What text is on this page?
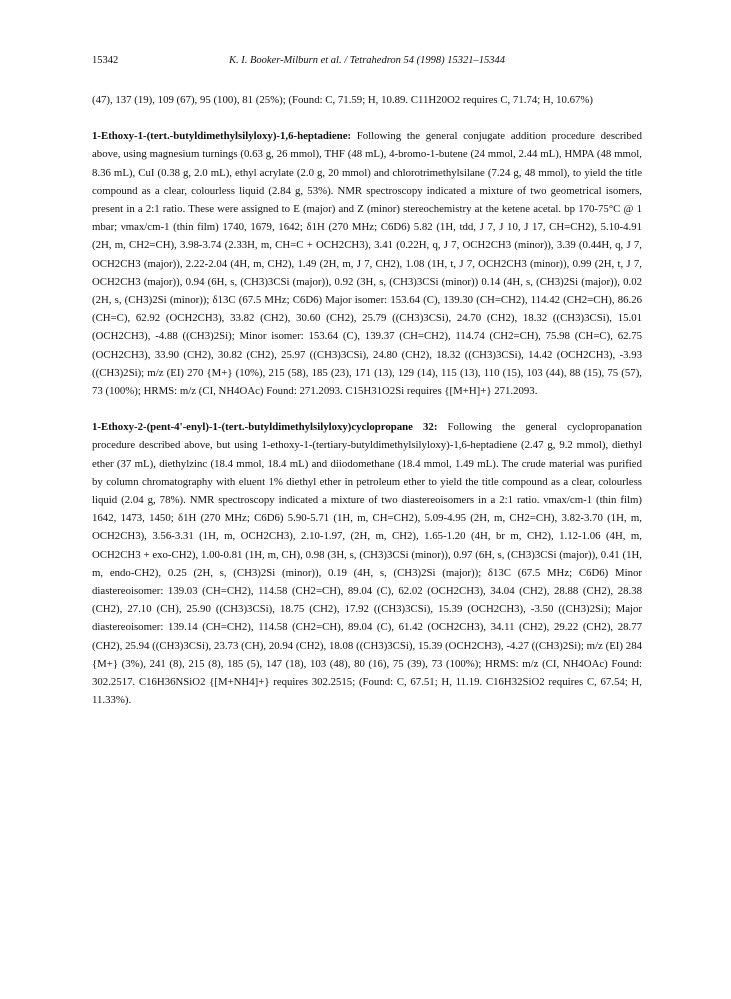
15342	K. I. Booker-Milburn et al. / Tetrahedron 54 (1998) 15321–15344

(47), 137 (19), 109 (67), 95 (100), 81 (25%); (Found: C, 71.59; H, 10.89. C11H20O2 requires C, 71.74; H, 10.67%)

1-Ethoxy-1-(tert.-butyldimethylsilyloxy)-1,6-heptadiene: Following the general conjugate addition procedure described above, using magnesium turnings (0.63 g, 26 mmol), THF (48 mL), 4-bromo-1-butene (24 mmol, 2.44 mL), HMPA (48 mmol, 8.36 mL), CuI (0.38 g, 2.0 mL), ethyl acrylate (2.0 g, 20 mmol) and chlorotrimethylsilane (7.24 g, 48 mmol), to yield the title compound as a clear, colourless liquid (2.84 g, 53%). NMR spectroscopy indicated a mixture of two geometrical isomers, present in a 2:1 ratio. These were assigned to E (major) and Z (minor) stereochemistry at the ketene acetal. bp 170-75°C @ 1 mbar; νmax/cm-1 (thin film) 1740, 1679, 1642; δ1H (270 MHz; C6D6) 5.82 (1H, tdd, J 7, J 10, J 17, CH=CH2), 5.10-4.91 (2H, m, CH2=CH), 3.98-3.74 (2.33H, m, CH=C + OCH2CH3), 3.41 (0.22H, q, J 7, OCH2CH3 (minor)), 3.39 (0.44H, q, J 7, OCH2CH3 (major)), 2.22-2.04 (4H, m, CH2), 1.49 (2H, m, J 7, CH2), 1.08 (1H, t, J 7, OCH2CH3 (minor)), 0.99 (2H, t, J 7, OCH2CH3 (major)), 0.94 (6H, s, (CH3)3CSi (major)), 0.92 (3H, s, (CH3)3CSi (minor)) 0.14 (4H, s, (CH3)2Si (major)), 0.02 (2H, s, (CH3)2Si (minor)); δ13C (67.5 MHz; C6D6) Major isomer: 153.64 (C), 139.30 (CH=CH2), 114.42 (CH2=CH), 86.26 (CH=C), 62.92 (OCH2CH3), 33.82 (CH2), 30.60 (CH2), 25.79 ((CH3)3CSi), 24.70 (CH2), 18.32 ((CH3)3CSi), 15.01 (OCH2CH3), -4.88 ((CH3)2Si); Minor isomer: 153.64 (C), 139.37 (CH=CH2), 114.74 (CH2=CH), 75.98 (CH=C), 62.75 (OCH2CH3), 33.90 (CH2), 30.82 (CH2), 25.97 ((CH3)3CSi), 24.80 (CH2), 18.32 ((CH3)3CSi), 14.42 (OCH2CH3), -3.93 ((CH3)2Si); m/z (EI) 270 {M+} (10%), 215 (58), 185 (23), 171 (13), 129 (14), 115 (13), 110 (15), 103 (44), 88 (15), 75 (57), 73 (100%); HRMS: m/z (CI, NH4OAc) Found: 271.2093. C15H31O2Si requires {[M+H]+} 271.2093.

1-Ethoxy-2-(pent-4'-enyl)-1-(tert.-butyldimethylsilyloxy)cyclopropane 32: Following the general cyclopropanation procedure described above, but using 1-ethoxy-1-(tertiary-butyldimethylsilyloxy)-1,6-heptadiene (2.47 g, 9.2 mmol), diethyl ether (37 mL), diethylzinc (18.4 mmol, 18.4 mL) and diiodomethane (18.4 mmol, 1.49 mL). The crude material was purified by column chromatography with eluent 1% diethyl ether in petroleum ether to yield the title compound as a clear, colourless liquid (2.04 g, 78%). NMR spectroscopy indicated a mixture of two diastereoisomers in a 2:1 ratio. νmax/cm-1 (thin film) 1642, 1473, 1450; δ1H (270 MHz; C6D6) 5.90-5.71 (1H, m, CH=CH2), 5.09-4.95 (2H, m, CH2=CH), 3.82-3.70 (1H, m, OCH2CH3), 3.56-3.31 (1H, m, OCH2CH3), 2.10-1.97, (2H, m, CH2), 1.65-1.20 (4H, br m, CH2), 1.12-1.06 (4H, m, OCH2CH3 + exo-CH2), 1.00-0.81 (1H, m, CH), 0.98 (3H, s, (CH3)3CSi (minor)), 0.97 (6H, s, (CH3)3CSi (major)), 0.41 (1H, m, endo-CH2), 0.25 (2H, s, (CH3)2Si (minor)), 0.19 (4H, s, (CH3)2Si (major)); δ13C (67.5 MHz; C6D6) Minor diastereoisomer: 139.03 (CH=CH2), 114.58 (CH2=CH), 89.04 (C), 62.02 (OCH2CH3), 34.04 (CH2), 28.88 (CH2), 28.38 (CH2), 27.10 (CH), 25.90 ((CH3)3CSi), 18.75 (CH2), 17.92 ((CH3)3CSi), 15.39 (OCH2CH3), -3.50 ((CH3)2Si); Major diastereoisomer: 139.14 (CH=CH2), 114.58 (CH2=CH), 89.04 (C), 61.42 (OCH2CH3), 34.11 (CH2), 29.22 (CH2), 28.77 (CH2), 25.94 ((CH3)3CSi), 23.73 (CH), 20.94 (CH2), 18.08 ((CH3)3CSi), 15.39 (OCH2CH3), -4.27 ((CH3)2Si); m/z (EI) 284 {M+} (3%), 241 (8), 215 (8), 185 (5), 147 (18), 103 (48), 80 (16), 75 (39), 73 (100%); HRMS: m/z (CI, NH4OAc) Found: 302.2517. C16H36NSiO2 {[M+NH4]+} requires 302.2515; (Found: C, 67.51; H, 11.19. C16H32SiO2 requires C, 67.54; H, 11.33%).
